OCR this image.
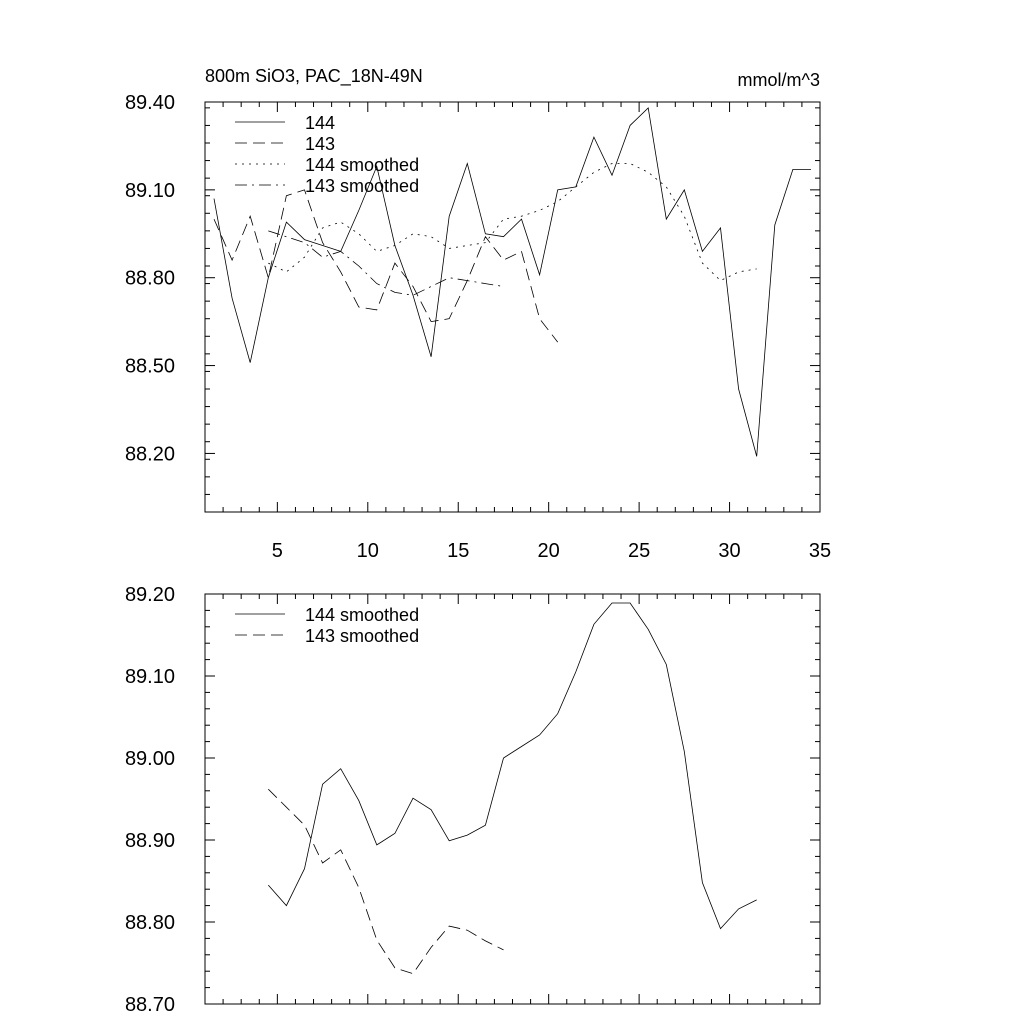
800m SiO3, PAC_18N-49N	mmol/m^3
5	10	15	20	25	30	35
88.20
88.50
88.80
89.10
89.40
144
143
144 smoothed
143 smoothed
88.70
88.80
88.90
89.00
89.10
89.20
144 smoothed
143 smoothed
